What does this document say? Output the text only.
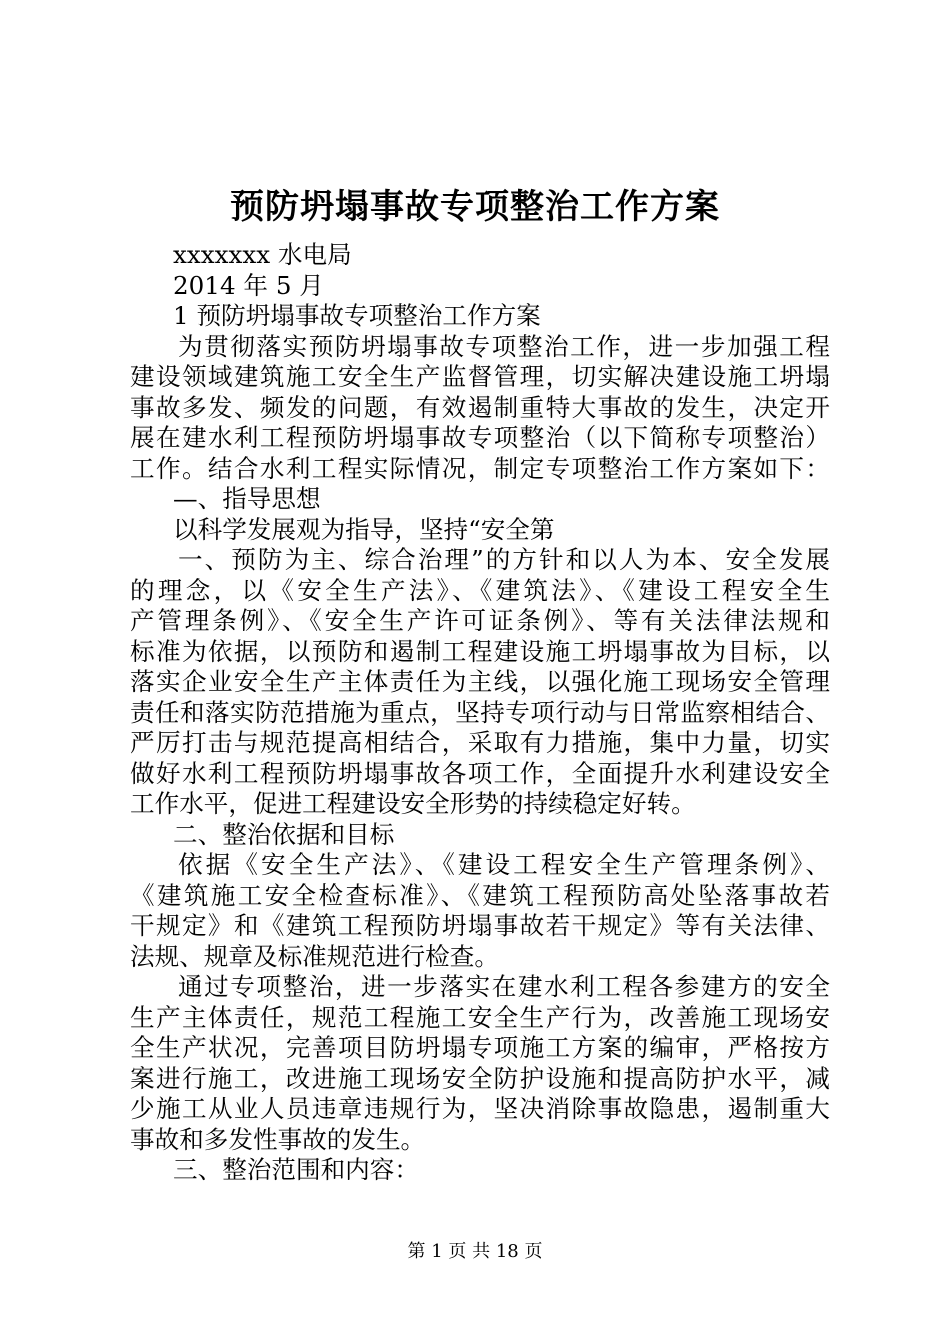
预防坍塌事故专项整治工作方案
xxxxxxx 水电局
2014 年 5 月
1 预防坍塌事故专项整治工作方案
为贯彻落实预防坍塌事故专项整治工作，进一步加强工程
建设领域建筑施工安全生产监督管理，切实解决建设施工坍塌
事故多发、频发的问题，有效遏制重特大事故的发生，决定开
展在建水利工程预防坍塌事故专项整治（以下简称专项整治）
工作。结合水利工程实际情况，制定专项整治工作方案如下：
—、指导思想
以科学发展观为指导，坚持“安全第
一、预防为主、综合治理”的方针和以人为本、安全发展
的理念，以《安全生产法》、《建筑法》、《建设工程安全生
产管理条例》、《安全生产许可证条例》、等有关法律法规和
标准为依据，以预防和遏制工程建设施工坍塌事故为目标，以
落实企业安全生产主体责任为主线，以强化施工现场安全管理
责任和落实防范措施为重点，坚持专项行动与日常监察相结合、
严厉打击与规范提高相结合，采取有力措施，集中力量，切实
做好水利工程预防坍塌事故各项工作，全面提升水利建设安全
工作水平，促进工程建设安全形势的持续稳定好转。
二、整治依据和目标
依据《安全生产法》、《建设工程安全生产管理条例》、
《建筑施工安全检查标准》、《建筑工程预防高处坠落事故若
干规定》和《建筑工程预防坍塌事故若干规定》等有关法律、
法规、规章及标准规范进行检查。
通过专项整治，进一步落实在建水利工程各参建方的安全
生产主体责任，规范工程施工安全生产行为，改善施工现场安
全生产状况，完善项目防坍塌专项施工方案的编审，严格按方
案进行施工，改进施工现场安全防护设施和提高防护水平，减
少施工从业人员违章违规行为，坚决消除事故隐患，遏制重大
事故和多发性事故的发生。
三、整治范围和内容：
第 1 页 共 18 页
